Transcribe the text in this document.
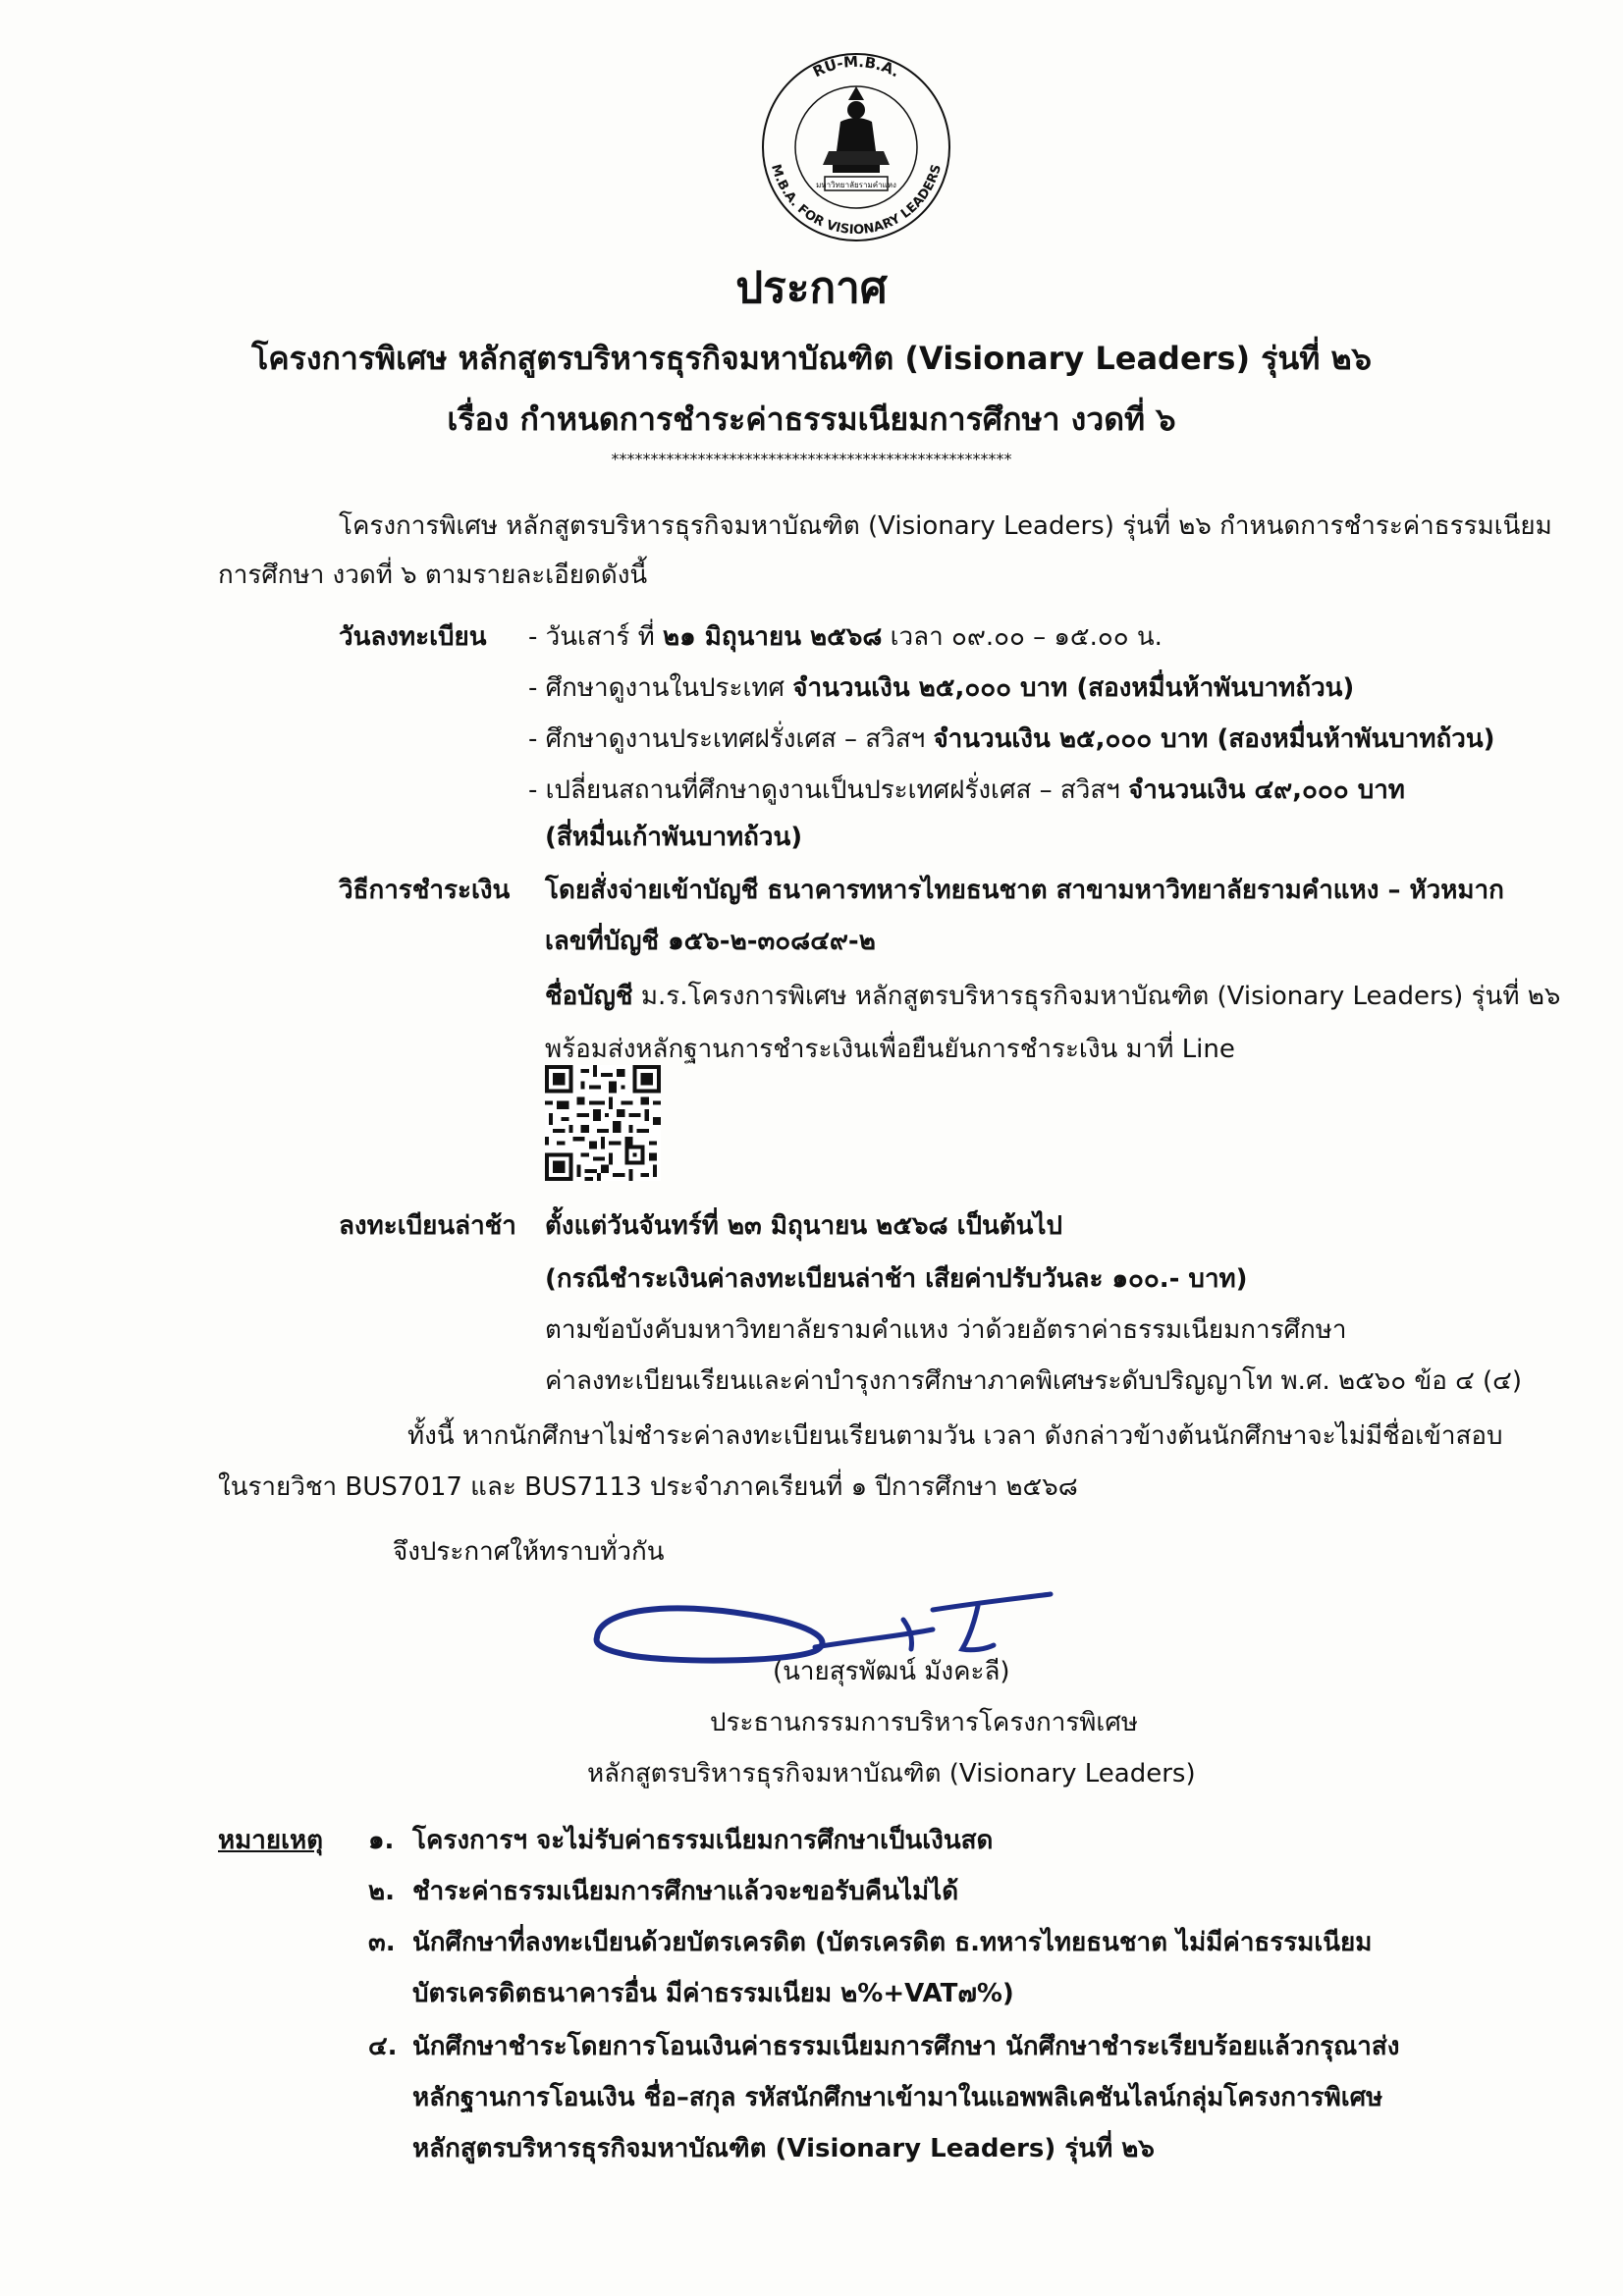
RU-M.B.A.
M.B.A. FOR VISIONARY LEADERS
มหาวิทยาลัยรามคำแหง
ประกาศ
โครงการพิเศษ หลักสูตรบริหารธุรกิจมหาบัณฑิต (Visionary Leaders) รุ่นที่ ๒๖
เรื่อง กำหนดการชำระค่าธรรมเนียมการศึกษา งวดที่ ๖
***************************************************
โครงการพิเศษ หลักสูตรบริหารธุรกิจมหาบัณฑิต (Visionary Leaders) รุ่นที่ ๒๖ กำหนดการชำระค่าธรรมเนียม
การศึกษา งวดที่ ๖ ตามรายละเอียดดังนี้
วันลงทะเบียน - วันเสาร์ ที่ ๒๑ มิถุนายน ๒๕๖๘ เวลา ๐๙.๐๐ – ๑๕.๐๐ น.
- ศึกษาดูงานในประเทศ จำนวนเงิน ๒๕,๐๐๐ บาท (สองหมื่นห้าพันบาทถ้วน)
- ศึกษาดูงานประเทศฝรั่งเศส – สวิสฯ จำนวนเงิน ๒๕,๐๐๐ บาท (สองหมื่นห้าพันบาทถ้วน)
- เปลี่ยนสถานที่ศึกษาดูงานเป็นประเทศฝรั่งเศส – สวิสฯ จำนวนเงิน ๔๙,๐๐๐ บาท
(สี่หมื่นเก้าพันบาทถ้วน)
วิธีการชำระเงิน โดยสั่งจ่ายเข้าบัญชี ธนาคารทหารไทยธนชาต สาขามหาวิทยาลัยรามคำแหง – หัวหมาก
เลขที่บัญชี ๑๕๖-๒-๓๐๘๔๙-๒
ชื่อบัญชี ม.ร.โครงการพิเศษ หลักสูตรบริหารธุรกิจมหาบัณฑิต (Visionary Leaders) รุ่นที่ ๒๖
พร้อมส่งหลักฐานการชำระเงินเพื่อยืนยันการชำระเงิน มาที่ Line
ลงทะเบียนล่าช้า ตั้งแต่วันจันทร์ที่ ๒๓ มิถุนายน ๒๕๖๘ เป็นต้นไป
(กรณีชำระเงินค่าลงทะเบียนล่าช้า เสียค่าปรับวันละ ๑๐๐.- บาท)
ตามข้อบังคับมหาวิทยาลัยรามคำแหง ว่าด้วยอัตราค่าธรรมเนียมการศึกษา
ค่าลงทะเบียนเรียนและค่าบำรุงการศึกษาภาคพิเศษระดับปริญญาโท พ.ศ. ๒๕๖๐ ข้อ ๔ (๔)
ทั้งนี้ หากนักศึกษาไม่ชำระค่าลงทะเบียนเรียนตามวัน เวลา ดังกล่าวข้างต้นนักศึกษาจะไม่มีชื่อเข้าสอบ
ในรายวิชา BUS7017 และ BUS7113 ประจำภาคเรียนที่ ๑ ปีการศึกษา ๒๕๖๘
จึงประกาศให้ทราบทั่วกัน
(นายสุรพัฒน์ มังคะลี)
ประธานกรรมการบริหารโครงการพิเศษ
หลักสูตรบริหารธุรกิจมหาบัณฑิต (Visionary Leaders)
หมายเหตุ ๑. โครงการฯ จะไม่รับค่าธรรมเนียมการศึกษาเป็นเงินสด
๒. ชำระค่าธรรมเนียมการศึกษาแล้วจะขอรับคืนไม่ได้
๓. นักศึกษาที่ลงทะเบียนด้วยบัตรเครดิต (บัตรเครดิต ธ.ทหารไทยธนชาต ไม่มีค่าธรรมเนียม
บัตรเครดิตธนาคารอื่น มีค่าธรรมเนียม ๒%+VAT๗%)
๔. นักศึกษาชำระโดยการโอนเงินค่าธรรมเนียมการศึกษา นักศึกษาชำระเรียบร้อยแล้วกรุณาส่ง
หลักฐานการโอนเงิน ชื่อ–สกุล รหัสนักศึกษาเข้ามาในแอพพลิเคชันไลน์กลุ่มโครงการพิเศษ
หลักสูตรบริหารธุรกิจมหาบัณฑิต (Visionary Leaders) รุ่นที่ ๒๖
